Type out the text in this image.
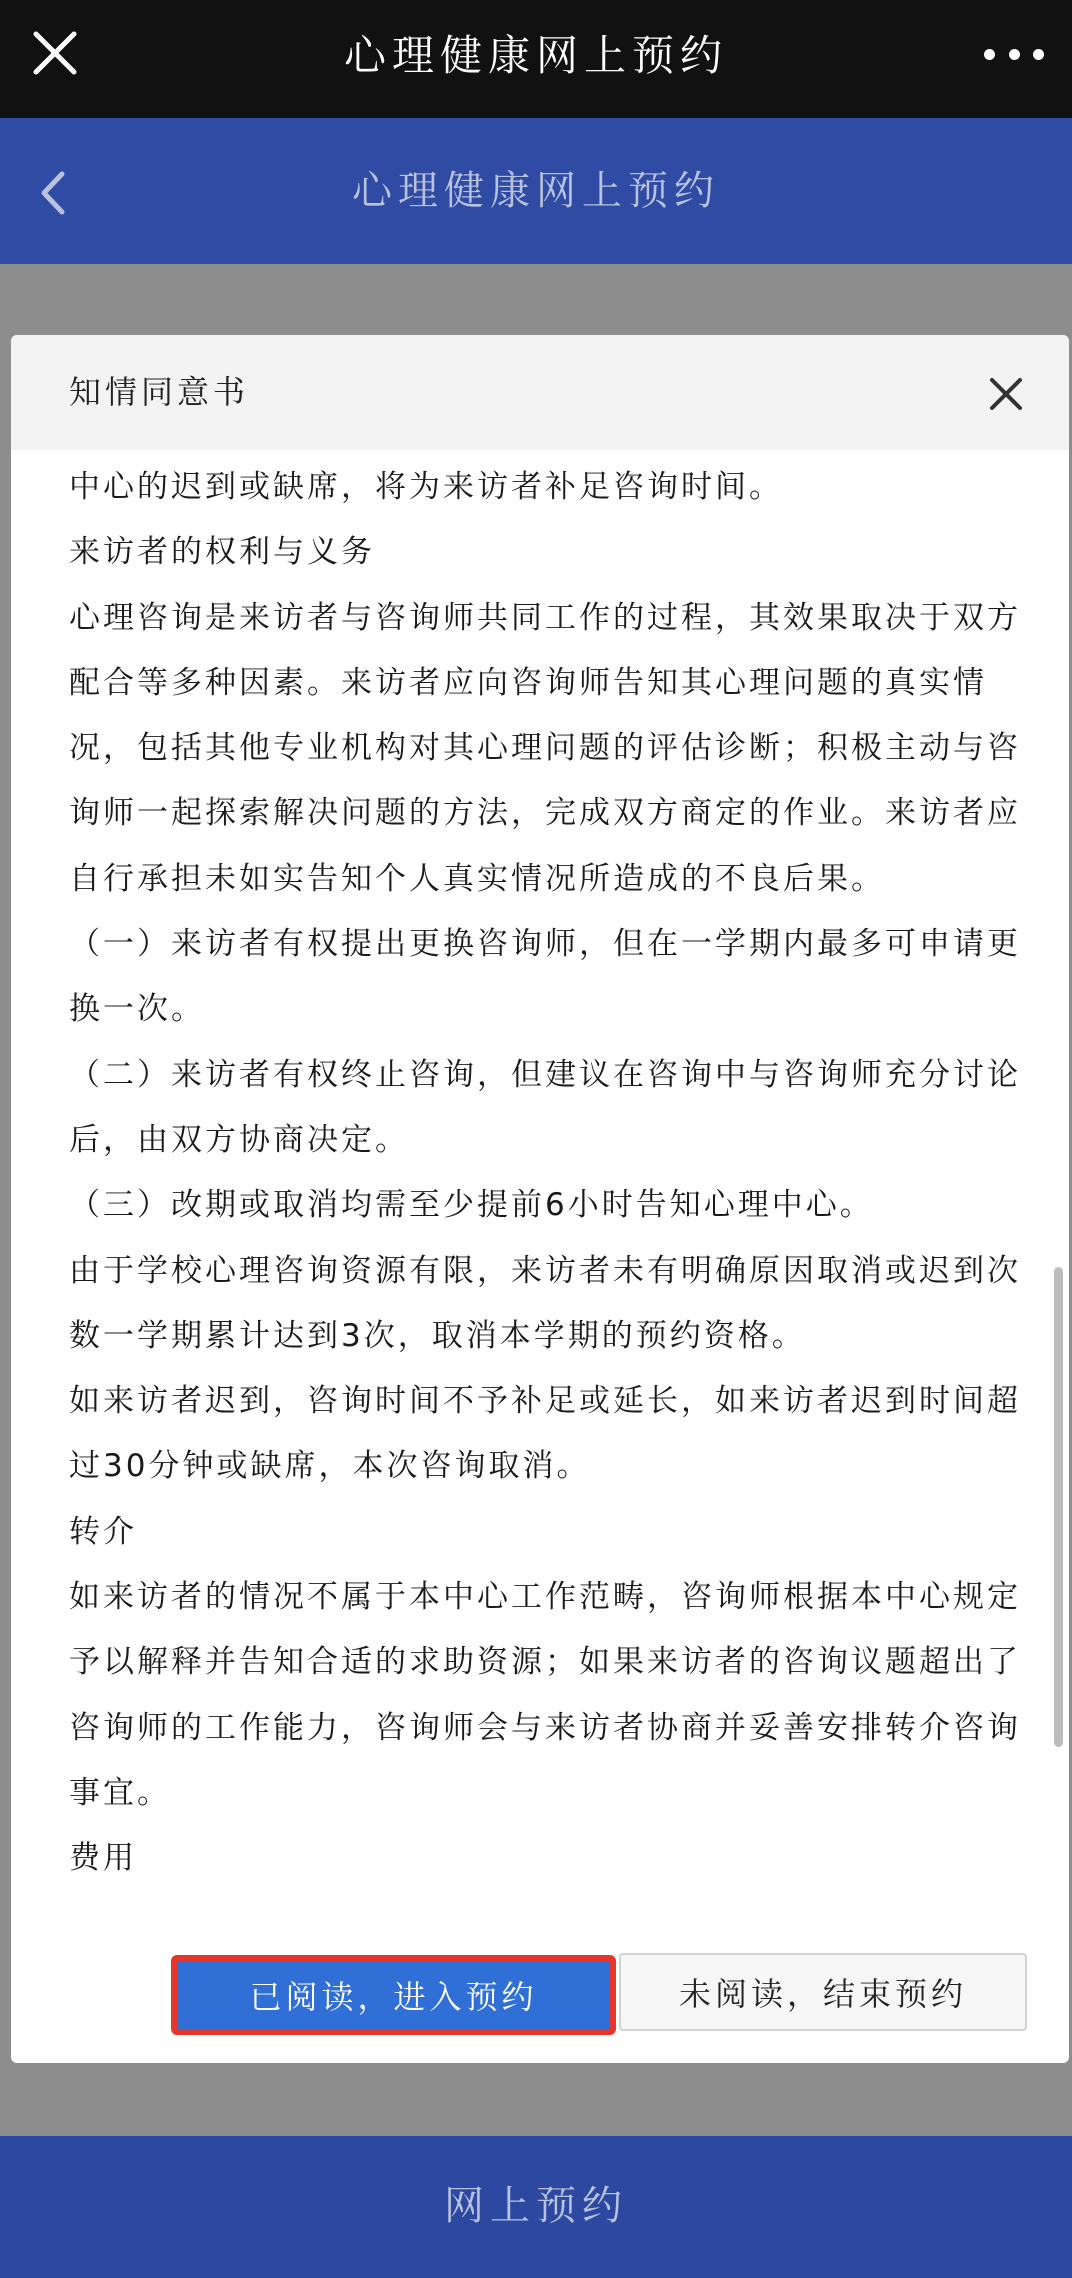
心理健康网上预约
心理健康网上预约
网上预约
知情同意书

中心的迟到或缺席，将为来访者补足咨询时间。

来访者的权利与义务

心理咨询是来访者与咨询师共同工作的过程，其效果取决于双方配合等多种因素。来访者应向咨询师告知其心理问题的真实情况，包括其他专业机构对其心理问题的评估诊断；积极主动与咨询师一起探索解决问题的方法，完成双方商定的作业。来访者应自行承担未如实告知个人真实情况所造成的不良后果。

（一）来访者有权提出更换咨询师，但在一学期内最多可申请更换一次。

（二）来访者有权终止咨询，但建议在咨询中与咨询师充分讨论后，由双方协商决定。

（三）改期或取消均需至少提前6小时告知心理中心。

由于学校心理咨询资源有限，来访者未有明确原因取消或迟到次数一学期累计达到3次，取消本学期的预约资格。

如来访者迟到，咨询时间不予补足或延长，如来访者迟到时间超过30分钟或缺席，本次咨询取消。

转介

如来访者的情况不属于本中心工作范畴，咨询师根据本中心规定予以解释并告知合适的求助资源；如果来访者的咨询议题超出了咨询师的工作能力，咨询师会与来访者协商并妥善安排转介咨询事宜。

费用

已阅读，进入预约	未阅读，结束预约
